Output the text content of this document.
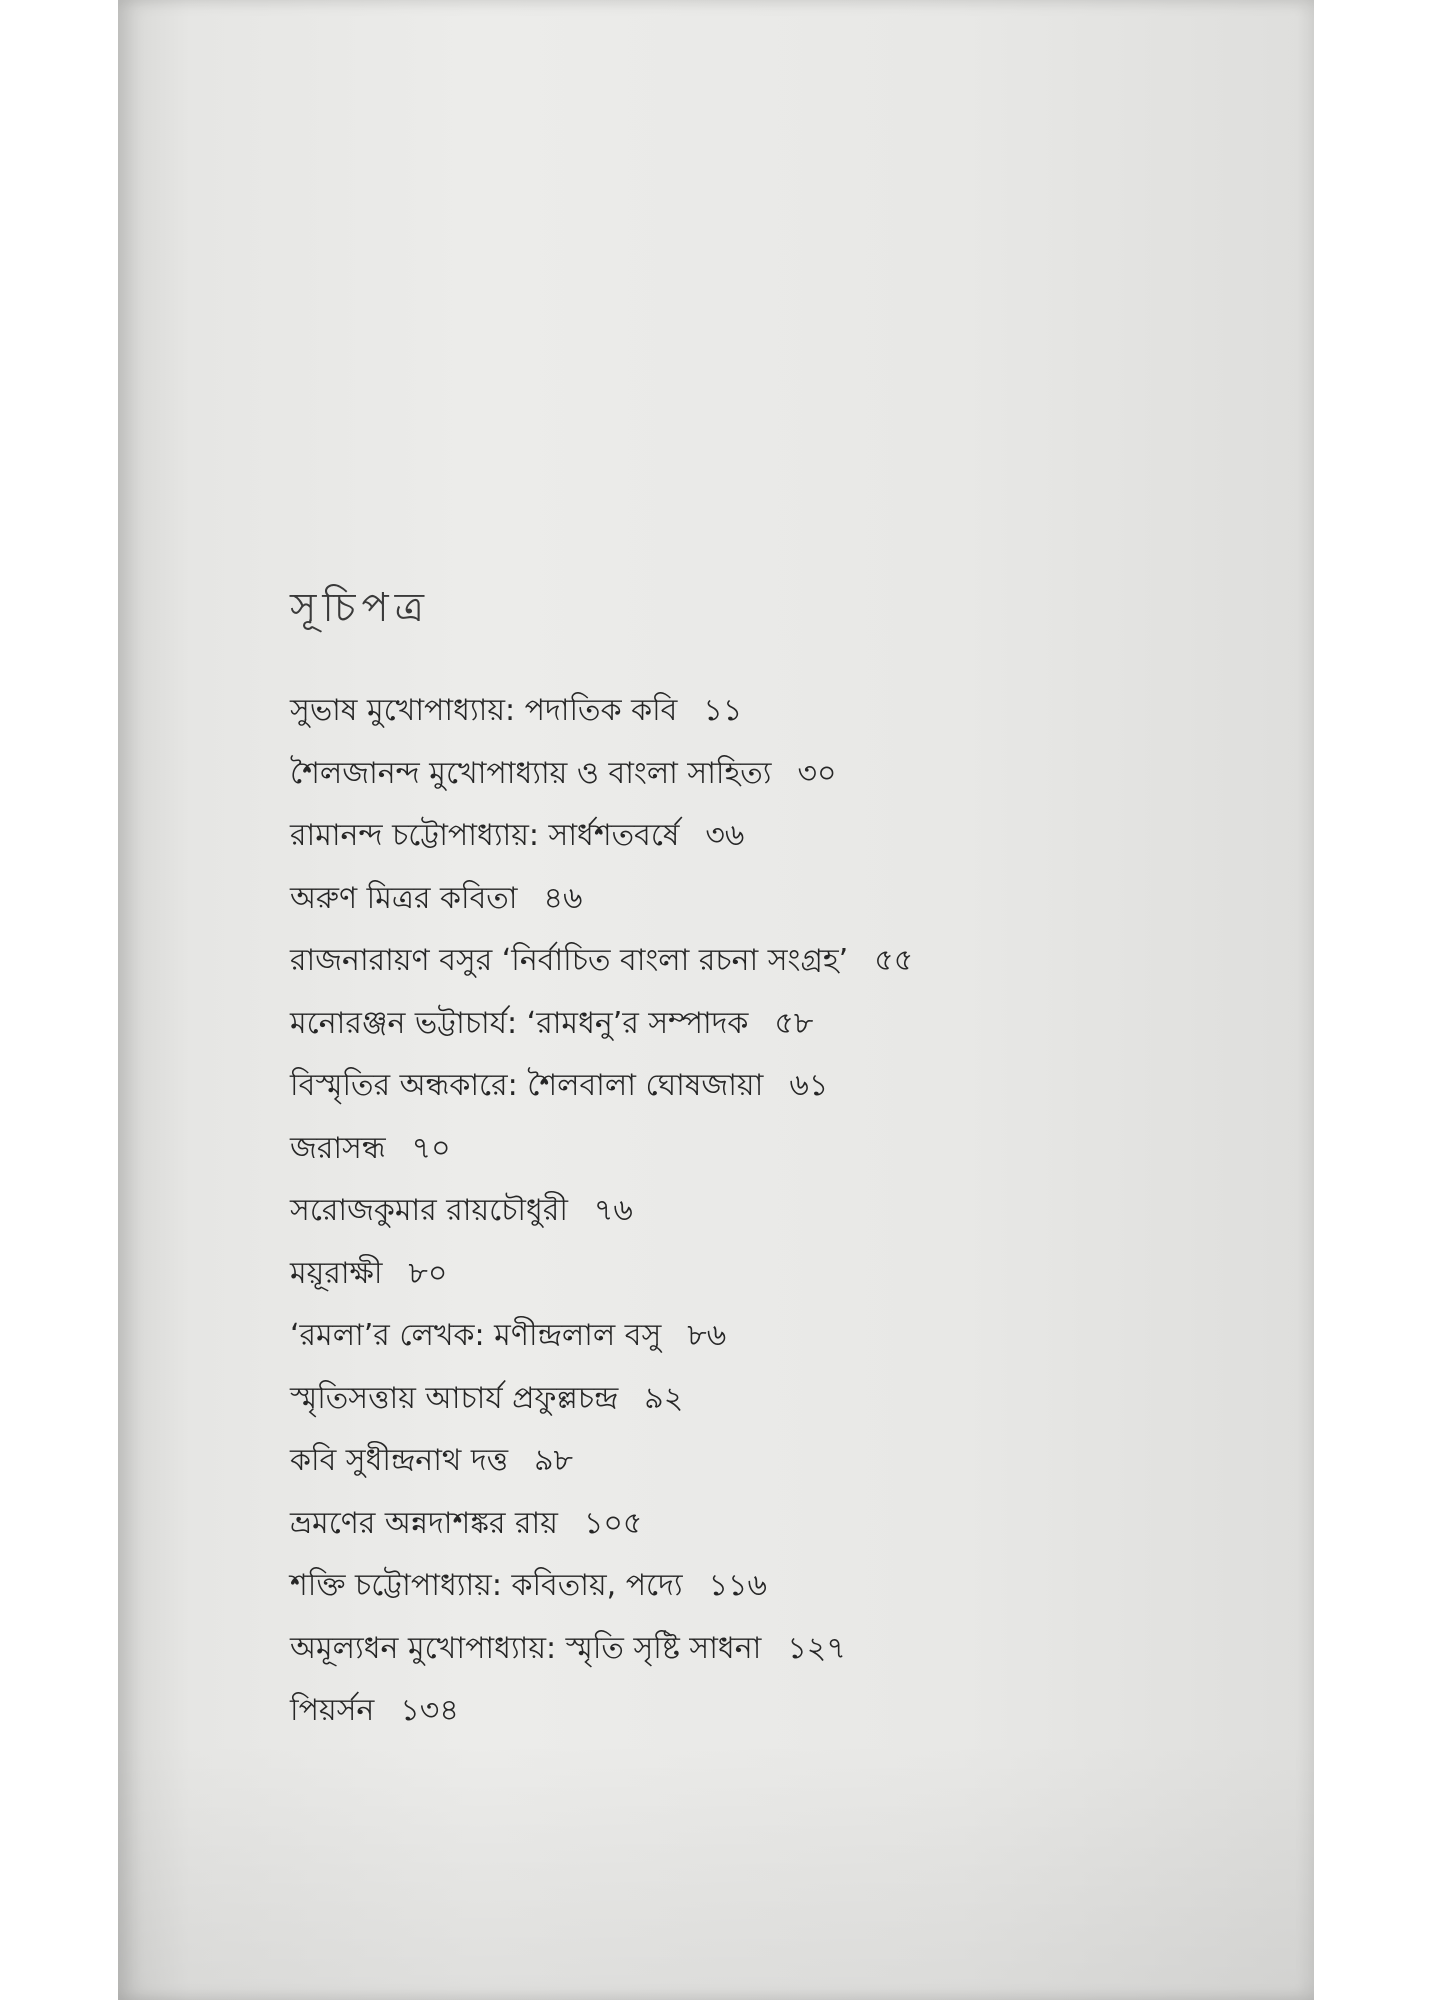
সূচিপত্র
সুভাষ মুখোপাধ্যায়: পদাতিক কবি ১১
শৈলজানন্দ মুখোপাধ্যায় ও বাংলা সাহিত্য ৩০
রামানন্দ চট্টোপাধ্যায়: সার্ধশতবর্ষে ৩৬
অরুণ মিত্রর কবিতা ৪৬
রাজনারায়ণ বসুর ‘নির্বাচিত বাংলা রচনা সংগ্রহ’ ৫৫
মনোরঞ্জন ভট্টাচার্য: ‘রামধনু’র সম্পাদক ৫৮
বিস্মৃতির অন্ধকারে: শৈলবালা ঘোষজায়া ৬১
জরাসন্ধ ৭০
সরোজকুমার রায়চৌধুরী ৭৬
ময়ূরাক্ষী ৮০
‘রমলা’র লেখক: মণীন্দ্রলাল বসু ৮৬
স্মৃতিসত্তায় আচার্য প্রফুল্লচন্দ্র ৯২
কবি সুধীন্দ্রনাথ দত্ত ৯৮
ভ্রমণের অন্নদাশঙ্কর রায় ১০৫
শক্তি চট্টোপাধ্যায়: কবিতায়, পদ্যে ১১৬
অমূল্যধন মুখোপাধ্যায়: স্মৃতি সৃষ্টি সাধনা ১২৭
পিয়র্সন ১৩৪
